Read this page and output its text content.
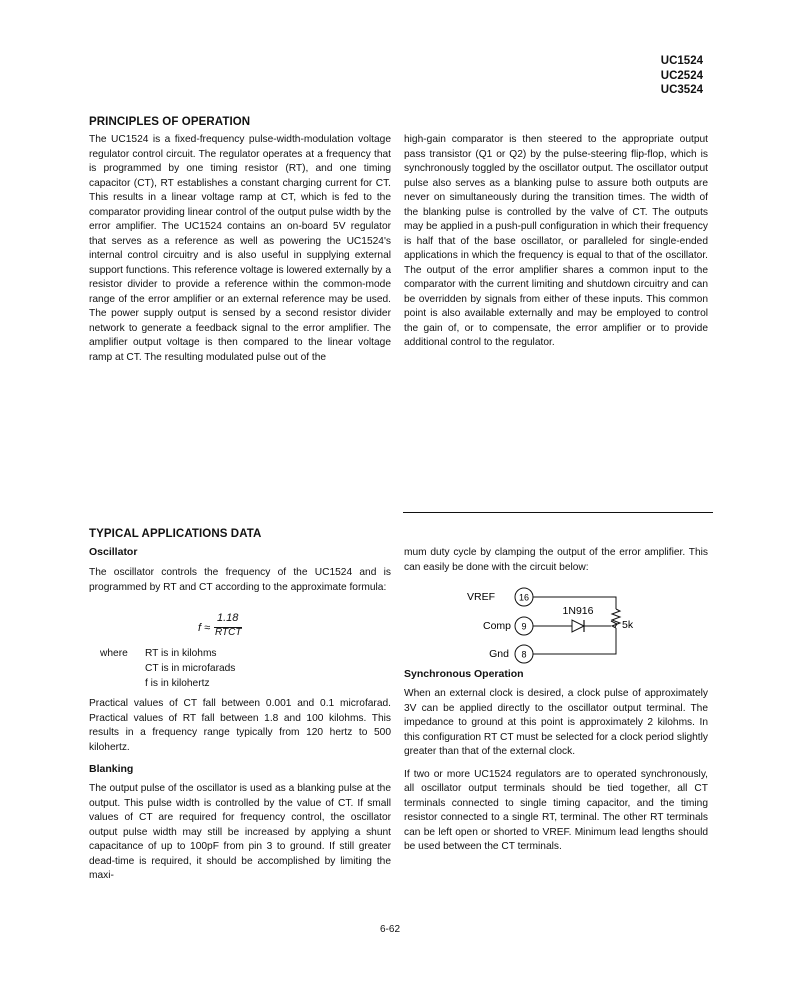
UC1524
UC2524
UC3524
PRINCIPLES OF OPERATION

The UC1524 is a fixed-frequency pulse-width-modulation voltage regulator control circuit. The regulator operates at a frequency that is programmed by one timing resistor (RT), and one timing capacitor (CT), RT establishes a constant charging current for CT. This results in a linear voltage ramp at CT, which is fed to the comparator providing linear control of the output pulse width by the error amplifier. The UC1524 contains an on-board 5V regulator that serves as a reference as well as powering the UC1524's internal control circuitry and is also useful in supplying external support functions. This reference voltage is lowered externally by a resistor divider to provide a reference within the common-mode range of the error amplifier or an external reference may be used. The power supply output is sensed by a second resistor divider network to generate a feedback signal to the error amplifier. The amplifier output voltage is then compared to the linear voltage ramp at CT. The resulting modulated pulse out of the

high-gain comparator is then steered to the appropriate output pass transistor (Q1 or Q2) by the pulse-steering flip-flop, which is synchronously toggled by the oscillator output. The oscillator output pulse also serves as a blanking pulse to assure both outputs are never on simultaneously during the transition times. The width of the blanking pulse is controlled by the valve of CT. The outputs may be applied in a push-pull configuration in which their frequency is half that of the base oscillator, or paralleled for single-ended applications in which the frequency is equal to that of the oscillator. The output of the error amplifier shares a common input to the comparator with the current limiting and shutdown circuitry and can be overridden by signals from either of these inputs. This common point is also available externally and may be employed to control the gain of, or to compensate, the error amplifier or to provide additional control to the regulator.

TYPICAL APPLICATIONS DATA
Oscillator

The oscillator controls the frequency of the UC1524 and is programmed by RT and CT according to the approximate formula:

f ≈
1.18
RTCT
where RT is in kilohms
CT is in microfarads
f is in kilohertz

Practical values of CT fall between 0.001 and 0.1 microfarad. Practical values of RT fall between 1.8 and 100 kilohms. This results in a frequency range typically from 120 hertz to 500 kilohertz.

Blanking

The output pulse of the oscillator is used as a blanking pulse at the output. This pulse width is controlled by the value of CT. If small values of CT are required for frequency control, the oscillator output pulse width may still be increased by applying a shunt capacitance of up to 100pF from pin 3 to ground. If still greater dead-time is required, it should be accomplished by limiting the maxi-

mum duty cycle by clamping the output of the error amplifier. This can easily be done with the circuit below:

VREF	16
5k
Comp 9
1N916
Gnd 8
Synchronous Operation

When an external clock is desired, a clock pulse of approximately 3V can be applied directly to the oscillator output terminal. The impedance to ground at this point is approximately 2 kilohms. In this configuration RT CT must be selected for a clock period slightly greater than that of the external clock.

If two or more UC1524 regulators are to operated synchronously, all oscillator output terminals should be tied together, all CT terminals connected to single timing capacitor, and the timing resistor connected to a single RT, terminal. The other RT terminals can be left open or shorted to VREF. Minimum lead lengths should be used between the CT terminals.

6-62
